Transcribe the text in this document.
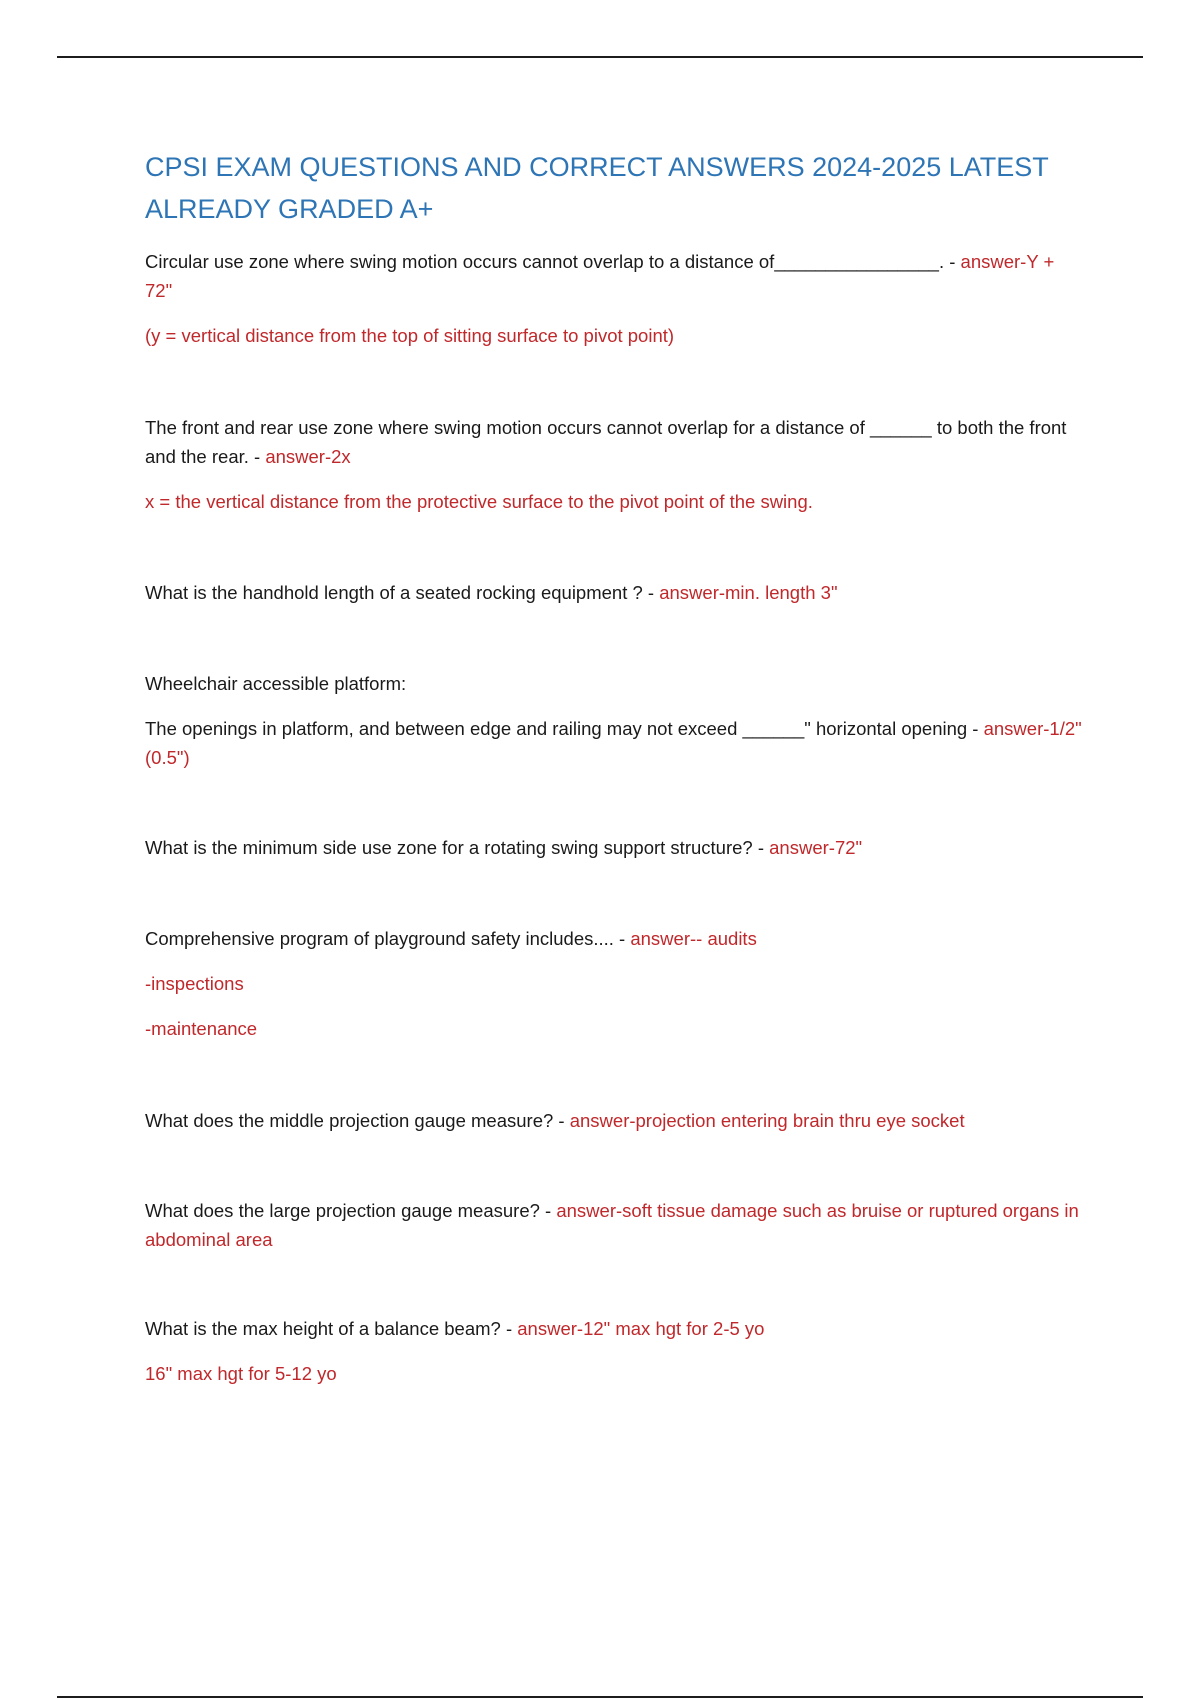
CPSI EXAM QUESTIONS AND CORRECT ANSWERS 2024-2025 LATEST ALREADY GRADED A+

Circular use zone where swing motion occurs cannot overlap to a distance of________________. - answer-Y + 72"

(y = vertical distance from the top of sitting surface to pivot point)

The front and rear use zone where swing motion occurs cannot overlap for a distance of ______ to both the front and the rear. - answer-2x

x = the vertical distance from the protective surface to the pivot point of the swing.

What is the handhold length of a seated rocking equipment ? - answer-min. length 3"

Wheelchair accessible platform:

The openings in platform, and between edge and railing may not exceed ______" horizontal opening - answer-1/2" (0.5")

What is the minimum side use zone for a rotating swing support structure? - answer-72"

Comprehensive program of playground safety includes.... - answer-- audits

-inspections

-maintenance

What does the middle projection gauge measure? - answer-projection entering brain thru eye socket

What does the large projection gauge measure? - answer-soft tissue damage such as bruise or ruptured organs in abdominal area

What is the max height of a balance beam? - answer-12" max hgt for 2-5 yo

16" max hgt for 5-12 yo
